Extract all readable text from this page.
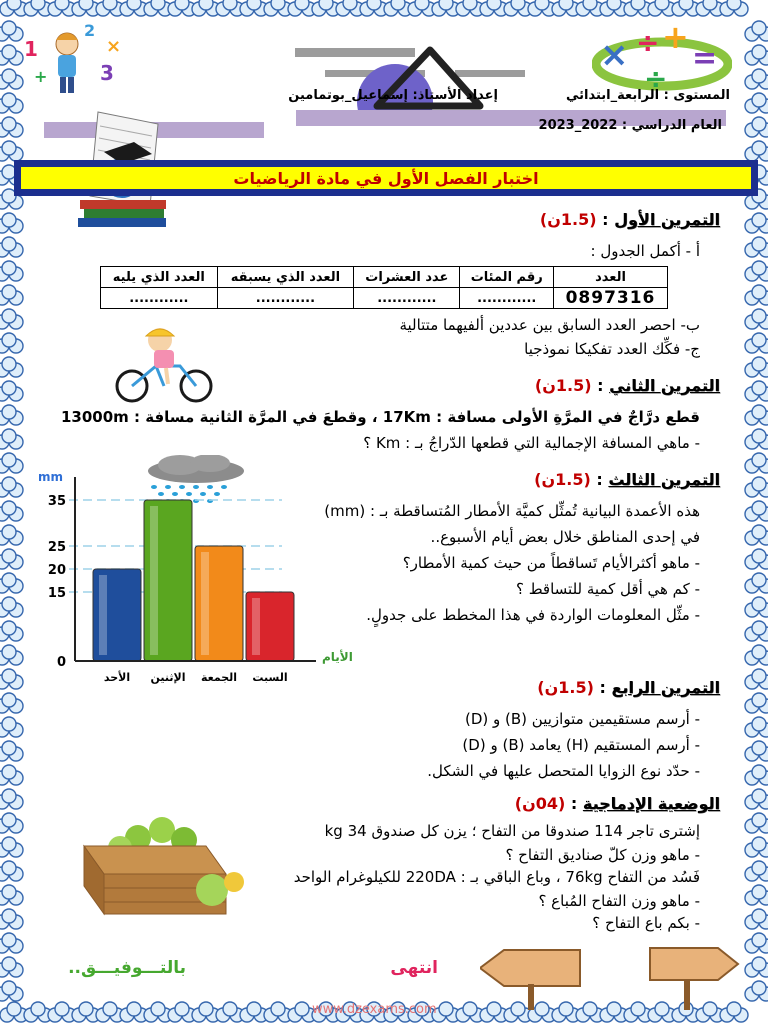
1
2
3
×
+
× ÷ +
=
÷
المستوى : الرابعة_ابتدائي
إعداد الأستاذ: إسماعيل_بوتمامين
العام الدراسي : 2022_2023
اختبار الفصل الأول في مادة الرياضيات
التمرين الأول : (1.5ن)
أ - أكمل الجدول :
العدد	رقم المئات	عدد العشرات	العدد الذي يسبقه	العدد الذي يليه
0897316	............	............	............	............
ب- احصر العدد السابق بين عددين ألفيهما متتالية
ج- فكِّك العدد تفكيكا نموذجيا
التمرين الثاني : (1.5ن)
قطع درَّاجٌ في المرَّةِ الأولى مسافة : 17Km ، وقطعَ في المرَّة الثانية مسافة : 13000m
- ماهي المسافة الإجمالية التي قطعها الدّراجُ بـ : Km ؟
التمرين الثالث : (1.5ن)
هذه الأعمدة البيانية تُمثِّل كميَّة الأمطار المُتساقطة بـ : (mm)
في إحدى المناطق خلال بعض أيام الأسبوع..
- ماهو أكثرالأيام تَساقطاً من حيث كمية الأمطار؟
- كم هي أقل كمية للتساقط ؟
- مثِّل المعلومات الواردة في هذا المخطط على جدولٍ.
mm
الأيام
0
15
20
25
35
الأحد الإثنين الجمعة السبت
التمرين الرابع : (1.5ن)
- أرسم مستقيمين متوازيين (B) و (D)
- أرسم المستقيم (H) يعامد (B) و (D)
- حدّد نوع الزوايا المتحصل عليها في الشكل.
الوضعية الإدماجية : (04ن)
إشترى تاجر 114 صندوقا من التفاح ؛ يزن كل صندوق 34 kg
- ماهو وزن كلّ صناديق التفاح ؟
فَسُد من التفاح 76kg ، وباع الباقي بـ : 220DA للكيلوغرام الواحد
- ماهو وزن التفاح المُباع ؟
- بكم باع التفاح ؟
انتهى
بالتـــوفيـــق..
www.dzexams.com
